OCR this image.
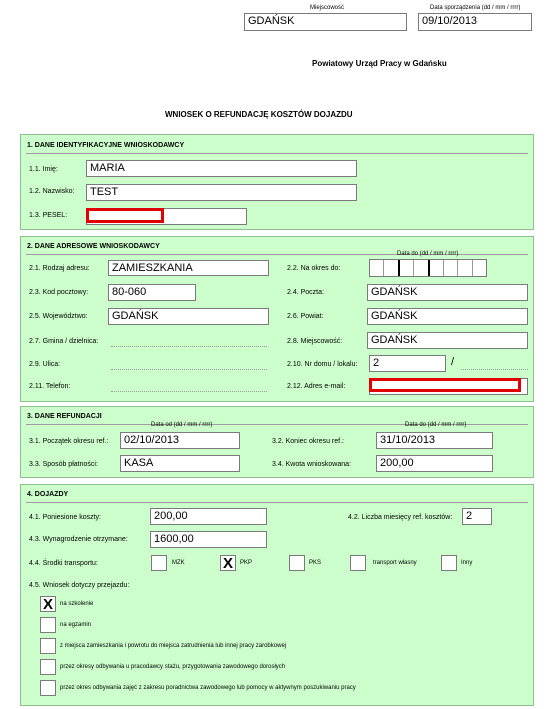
Miejscowość
GDAŃSK
Data sporządzenia (dd / mm / rrrr)
09/10/2013
Powiatowy Urząd Pracy w Gdańsku
WNIOSEK O REFUNDACJĘ KOSZTÓW DOJAZDU
1. DANE IDENTYFIKACYJNE WNIOSKODAWCY
1.1. Imię:	MARIA
1.2. Nazwisko:	TEST
1.3. PESEL:
2. DANE ADRESOWE WNIOSKODAWCY
2.1. Rodzaj adresu:	ZAMIESZKANIA
Data do (dd / mm / rrrr)
2.2. Na okres do:
2.3. Kod pocztowy:	80-060	2.4. Poczta:	GDAŃSK
2.5. Województwo:	GDAŃSK	2.6. Powiat:	GDAŃSK
2.7. Gmina / dzielnica:	2.8. Miejscowość:	GDAŃSK
2.9. Ulica:	2.10. Nr domu / lokalu:	2	/
2.11. Telefon:	2.12. Adres e-mail:
3. DANE REFUNDACJI
Data od (dd / mm / rrrr)	Data do (dd / mm / rrrr)
3.1. Początek okresu ref.:	02/10/2013	3.2. Koniec okresu ref.:	31/10/2013
3.3. Sposób płatności:	KASA	3.4. Kwota wnioskowana:	200,00
4. DOJAZDY
4.1. Poniesione koszty:	200,00	4.2. Liczba miesięcy ref. kosztów:	2
4.3. Wynagrodzenie otrzymane:	1600,00
4.4. Środki transportu:	MZK	X	PKP	PKS	transport własny	Inny
4.5. Wniosek dotyczy przejazdu:
X	na szkolenie
na egzamin
z miejsca zamieszkania i powrotu do miejsca zatrudnienia lub innej pracy zarobkowej
przez okresy odbywania u pracodawcy stażu, przygotowania zawodowego dorosłych
przez okres odbywania zajęć z zakresu poradnictwa zawodowego lub pomocy w aktywnym poszukiwaniu pracy
